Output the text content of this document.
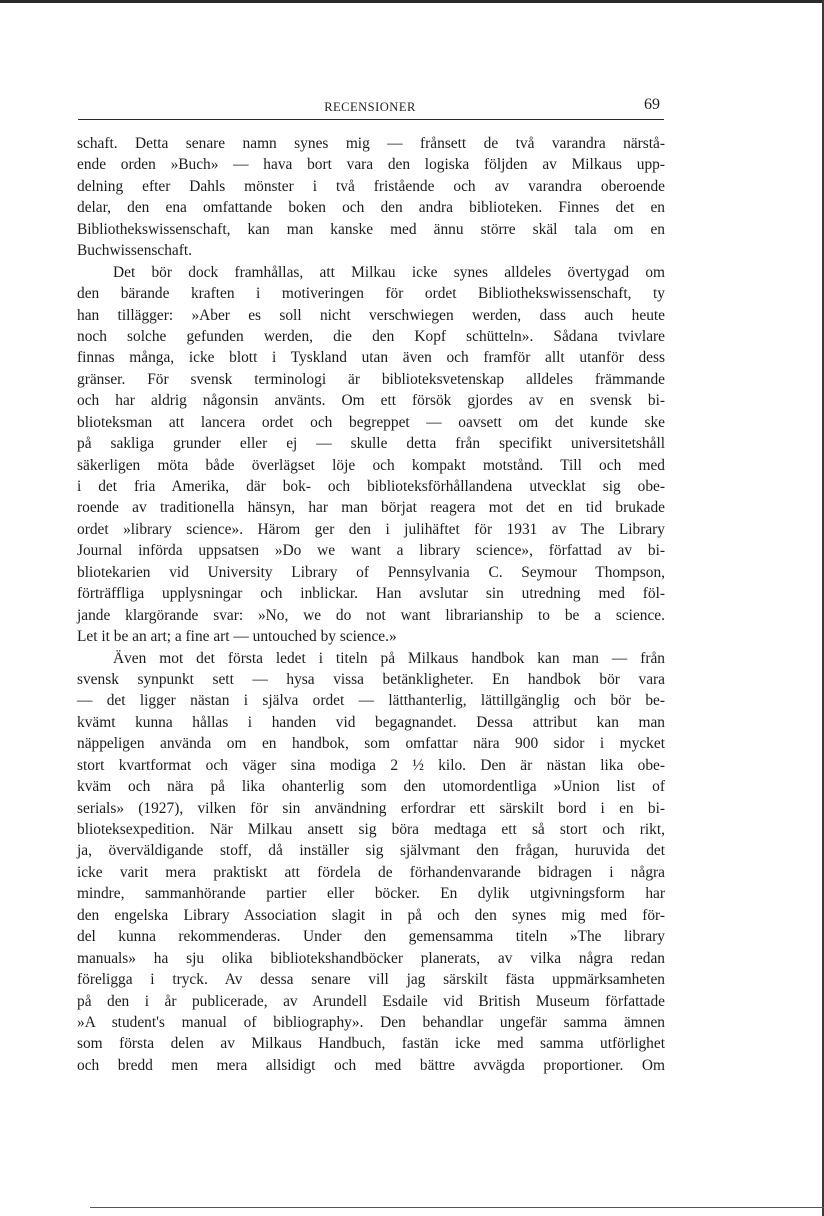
RECENSIONER	69
schaft. Detta senare namn synes mig — frånsett de två varandra närstå-
ende orden »Buch» — hava bort vara den logiska följden av Milkaus upp-
delning efter Dahls mönster i två fristående och av varandra oberoende
delar, den ena omfattande boken och den andra biblioteken. Finnes det en
Bibliothekswissenschaft, kan man kanske med ännu större skäl tala om en
Buchwissenschaft.
Det bör dock framhållas, att Milkau icke synes alldeles övertygad om
den bärande kraften i motiveringen för ordet Bibliothekswissenschaft, ty
han tillägger: »Aber es soll nicht verschwiegen werden, dass auch heute
noch solche gefunden werden, die den Kopf schütteln». Sådana tvivlare
finnas många, icke blott i Tyskland utan även och framför allt utanför dess
gränser. För svensk terminologi är biblioteksvetenskap alldeles främmande
och har aldrig någonsin använts. Om ett försök gjordes av en svensk bi-
blioteksman att lancera ordet och begreppet — oavsett om det kunde ske
på sakliga grunder eller ej — skulle detta från specifikt universitetshåll
säkerligen möta både överlägset löje och kompakt motstånd. Till och med
i det fria Amerika, där bok- och biblioteksförhållandena utvecklat sig obe-
roende av traditionella hänsyn, har man börjat reagera mot det en tid brukade
ordet »library science». Härom ger den i julihäftet för 1931 av The Library
Journal införda uppsatsen »Do we want a library science», författad av bi-
bliotekarien vid University Library of Pennsylvania C. Seymour Thompson,
förträffliga upplysningar och inblickar. Han avslutar sin utredning med föl-
jande klargörande svar: »No, we do not want librarianship to be a science.
Let it be an art; a fine art — untouched by science.»
Även mot det första ledet i titeln på Milkaus handbok kan man — från
svensk synpunkt sett — hysa vissa betänkligheter. En handbok bör vara
— det ligger nästan i själva ordet — lätthanterlig, lättillgänglig och bör be-
kvämt kunna hållas i handen vid begagnandet. Dessa attribut kan man
näppeligen använda om en handbok, som omfattar nära 900 sidor i mycket
stort kvartformat och väger sina modiga 2 ½ kilo. Den är nästan lika obe-
kväm och nära på lika ohanterlig som den utomordentliga »Union list of
serials» (1927), vilken för sin användning erfordrar ett särskilt bord i en bi-
blioteksexpedition. När Milkau ansett sig böra medtaga ett så stort och rikt,
ja, överväldigande stoff, då inställer sig självmant den frågan, huruvida det
icke varit mera praktiskt att fördela de förhandenvarande bidragen i några
mindre, sammanhörande partier eller böcker. En dylik utgivningsform har
den engelska Library Association slagit in på och den synes mig med för-
del kunna rekommenderas. Under den gemensamma titeln »The library
manuals» ha sju olika bibliotekshandböcker planerats, av vilka några redan
föreligga i tryck. Av dessa senare vill jag särskilt fästa uppmärksamheten
på den i år publicerade, av Arundell Esdaile vid British Museum författade
»A student's manual of bibliography». Den behandlar ungefär samma ämnen
som första delen av Milkaus Handbuch, fastän icke med samma utförlighet
och bredd men mera allsidigt och med bättre avvägda proportioner. Om
